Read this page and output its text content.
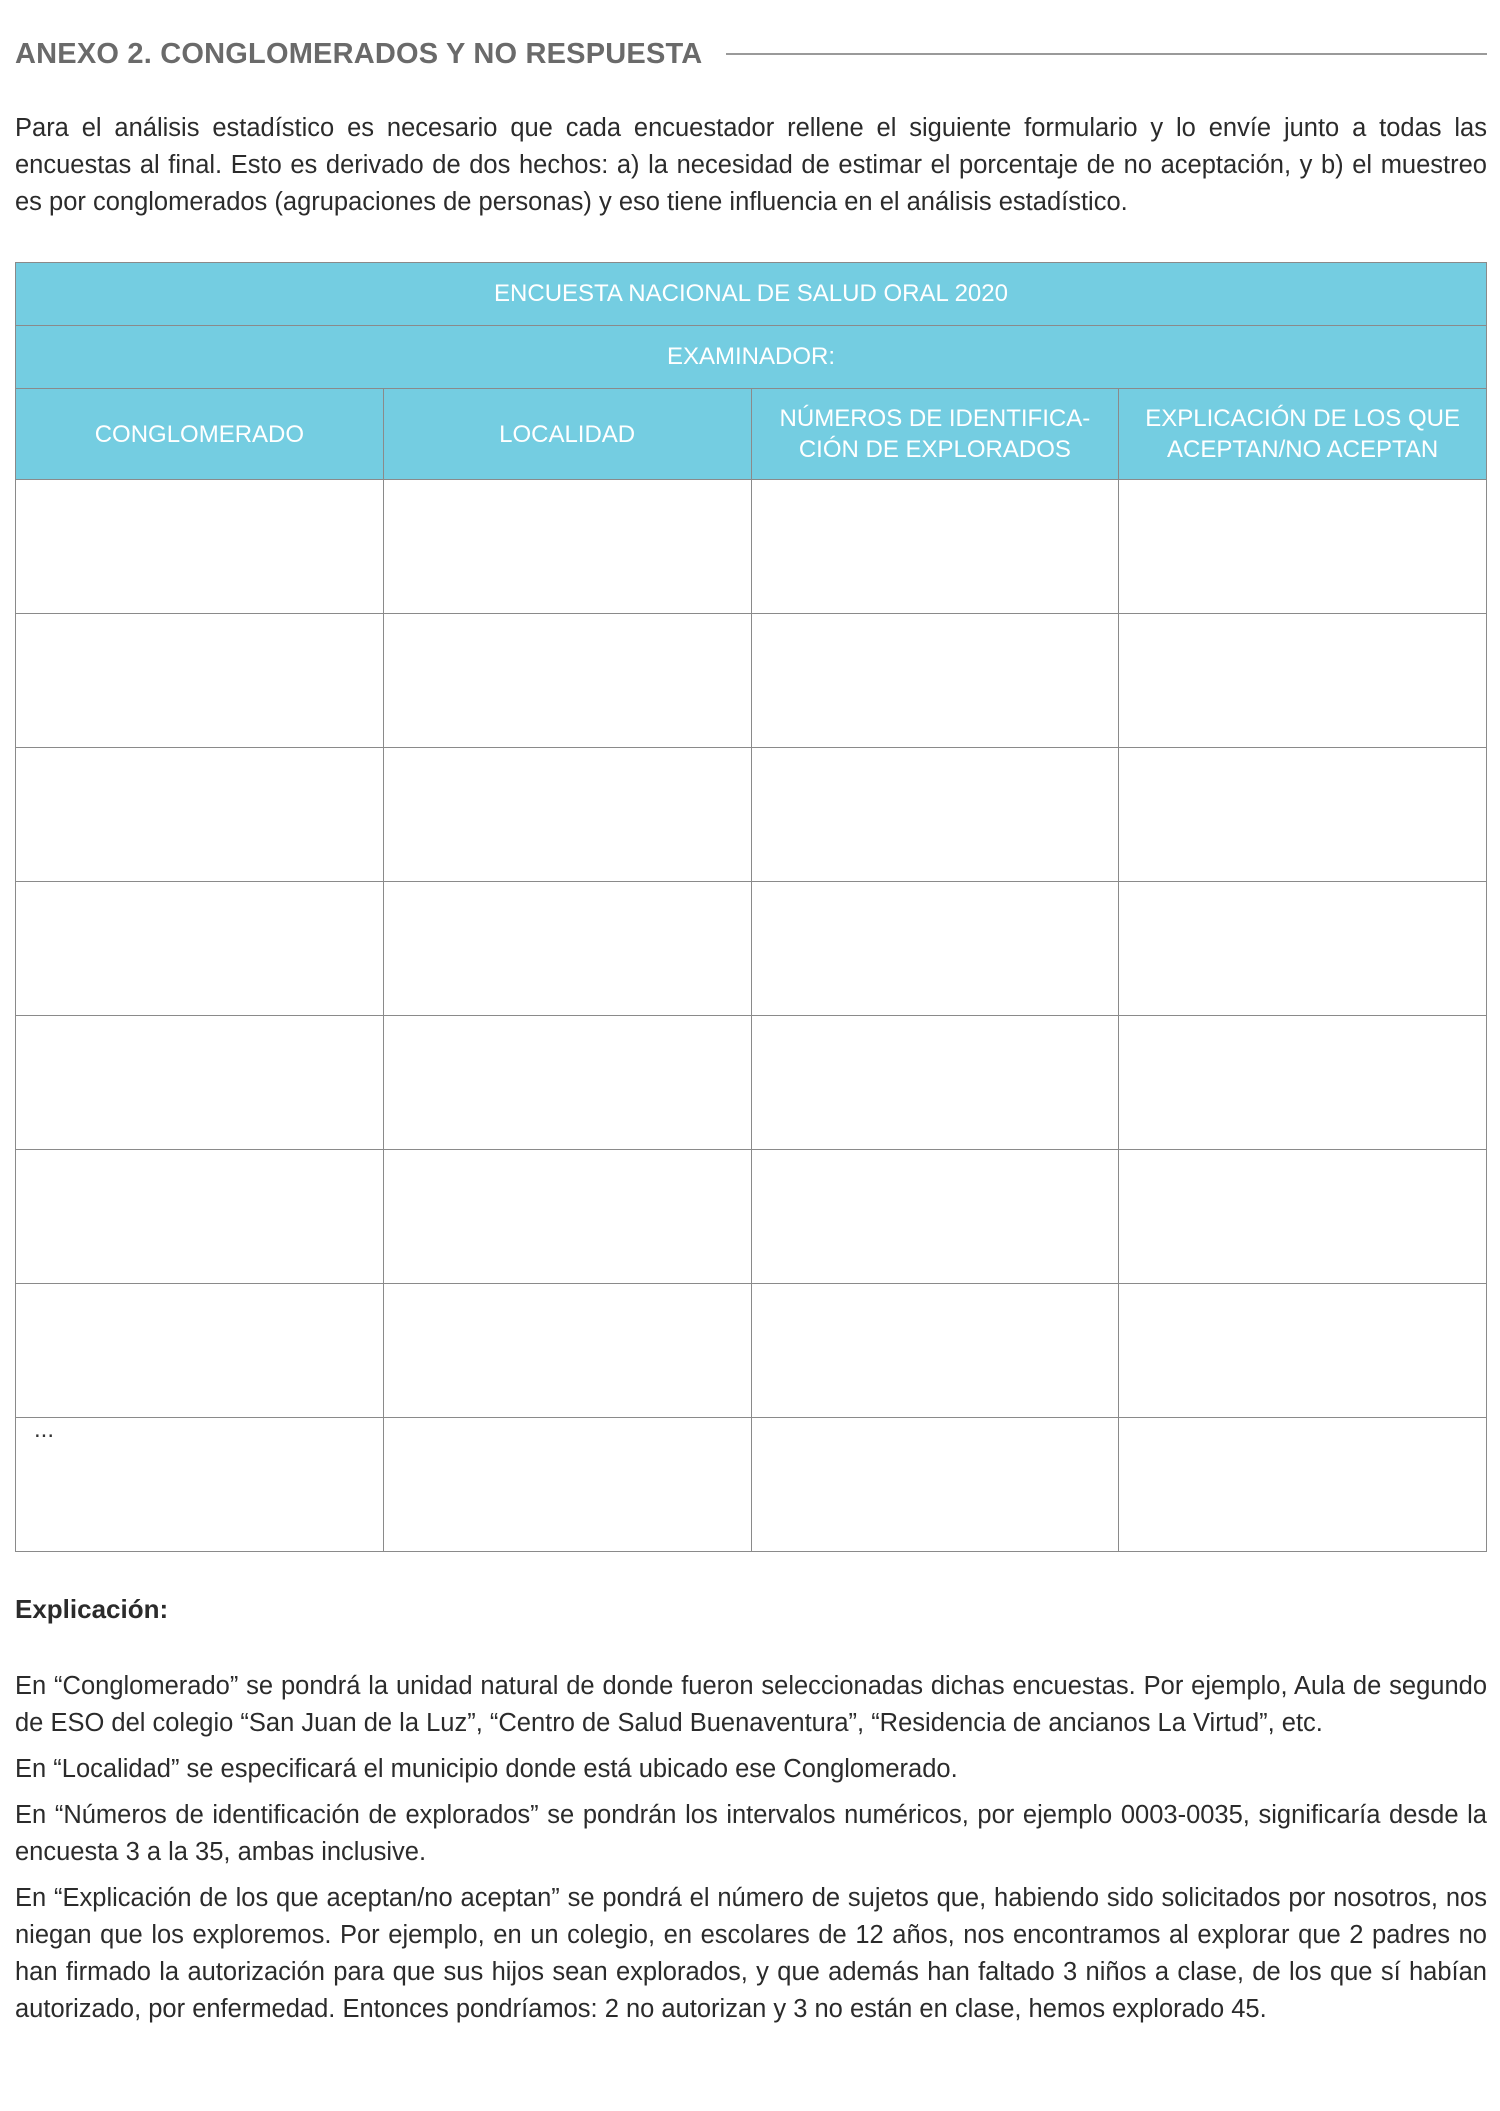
ANEXO 2. CONGLOMERADOS Y NO RESPUESTA
Para el análisis estadístico es necesario que cada encuestador rellene el siguiente formulario y lo envíe junto a todas las encuestas al final. Esto es derivado de dos hechos: a) la necesidad de estimar el porcentaje de no aceptación, y b) el muestreo es por conglomerados (agrupaciones de personas) y eso tiene influencia en el análisis estadístico.
ENCUESTA NACIONAL DE SALUD ORAL 2020			
EXAMINADOR:			
CONGLOMERADO	LOCALIDAD	NÚMEROS DE IDENTIFICA-CIÓN DE EXPLORADOS	EXPLICACIÓN DE LOS QUE ACEPTAN/NO ACEPTAN

...			

Explicación:

En “Conglomerado” se pondrá la unidad natural de donde fueron seleccionadas dichas encuestas. Por ejemplo, Aula de segundo de ESO del colegio “San Juan de la Luz”, “Centro de Salud Buenaventura”, “Residencia de ancianos La Virtud”, etc.

En “Localidad” se especificará el municipio donde está ubicado ese Conglomerado.

En “Números de identificación de explorados” se pondrán los intervalos numéricos, por ejemplo 0003-0035, significaría desde la encuesta 3 a la 35, ambas inclusive.

En “Explicación de los que aceptan/no aceptan” se pondrá el número de sujetos que, habiendo sido solicitados por nosotros, nos niegan que los exploremos. Por ejemplo, en un colegio, en escolares de 12 años, nos encontramos al explorar que 2 padres no han firmado la autorización para que sus hijos sean explorados, y que además han faltado 3 niños a clase, de los que sí habían autorizado, por enfermedad. Entonces pondríamos: 2 no autorizan y 3 no están en clase, hemos explorado 45.
